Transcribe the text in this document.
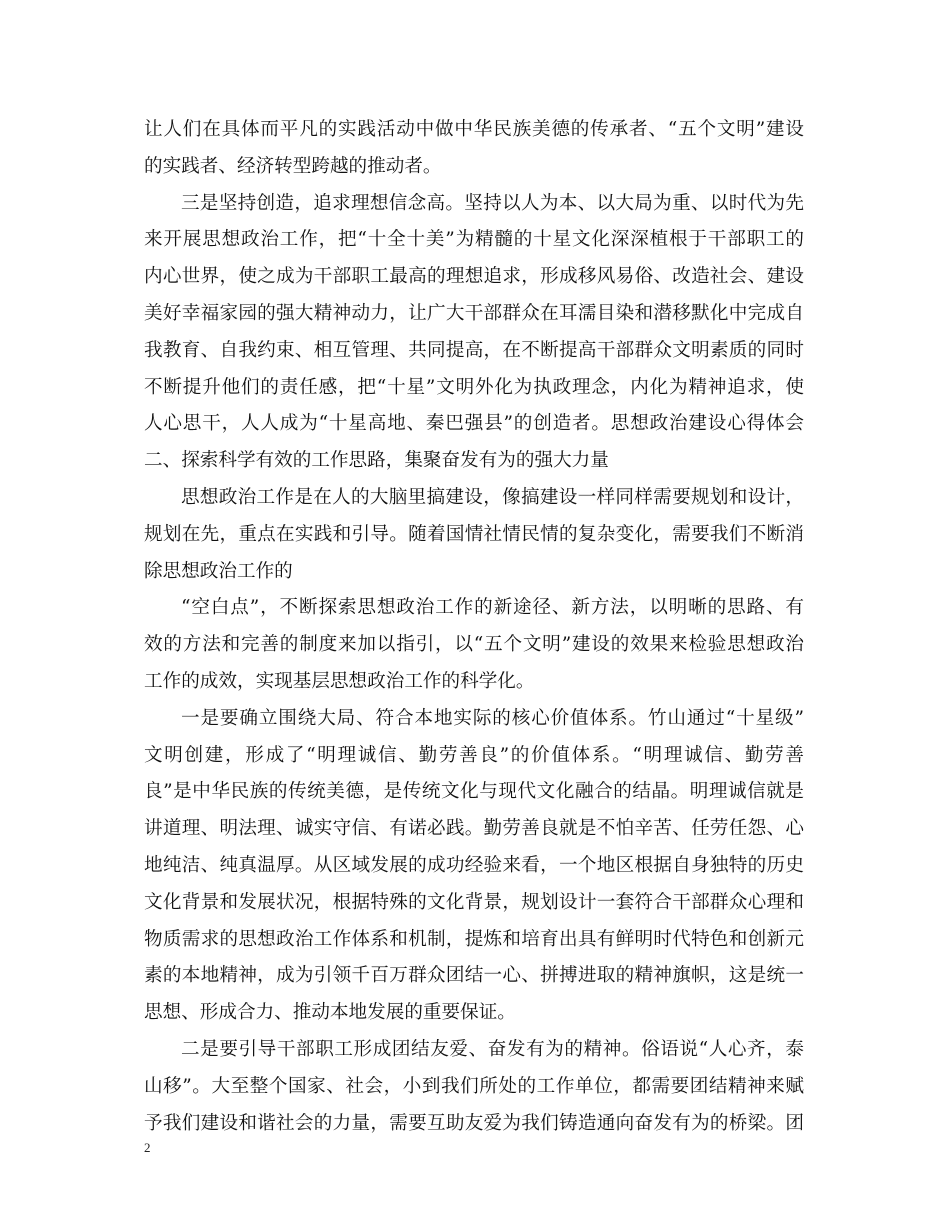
让人们在具体而平凡的实践活动中做中华民族美德的传承者、“五个文明”建设
的实践者、经济转型跨越的推动者。
三是坚持创造，追求理想信念高。坚持以人为本、以大局为重、以时代为先
来开展思想政治工作，把“十全十美”为精髓的十星文化深深植根于干部职工的
内心世界，使之成为干部职工最高的理想追求，形成移风易俗、改造社会、建设
美好幸福家园的强大精神动力，让广大干部群众在耳濡目染和潜移默化中完成自
我教育、自我约束、相互管理、共同提高，在不断提高干部群众文明素质的同时
不断提升他们的责任感，把“十星”文明外化为执政理念，内化为精神追求，使
人心思干，人人成为“十星高地、秦巴强县”的创造者。思想政治建设心得体会
二、探索科学有效的工作思路，集聚奋发有为的强大力量
思想政治工作是在人的大脑里搞建设，像搞建设一样同样需要规划和设计，
规划在先，重点在实践和引导。随着国情社情民情的复杂变化，需要我们不断消
除思想政治工作的
“空白点”，不断探索思想政治工作的新途径、新方法，以明晰的思路、有
效的方法和完善的制度来加以指引，以“五个文明”建设的效果来检验思想政治
工作的成效，实现基层思想政治工作的科学化。
一是要确立围绕大局、符合本地实际的核心价值体系。竹山通过“十星级”
文明创建，形成了“明理诚信、勤劳善良”的价值体系。“明理诚信、勤劳善
良”是中华民族的传统美德，是传统文化与现代文化融合的结晶。明理诚信就是
讲道理、明法理、诚实守信、有诺必践。勤劳善良就是不怕辛苦、任劳任怨、心
地纯洁、纯真温厚。从区域发展的成功经验来看，一个地区根据自身独特的历史
文化背景和发展状况，根据特殊的文化背景，规划设计一套符合干部群众心理和
物质需求的思想政治工作体系和机制，提炼和培育出具有鲜明时代特色和创新元
素的本地精神，成为引领千百万群众团结一心、拼搏进取的精神旗帜，这是统一
思想、形成合力、推动本地发展的重要保证。
二是要引导干部职工形成团结友爱、奋发有为的精神。俗语说“人心齐，泰
山移”。大至整个国家、社会，小到我们所处的工作单位，都需要团结精神来赋
予我们建设和谐社会的力量，需要互助友爱为我们铸造通向奋发有为的桥梁。团
2
